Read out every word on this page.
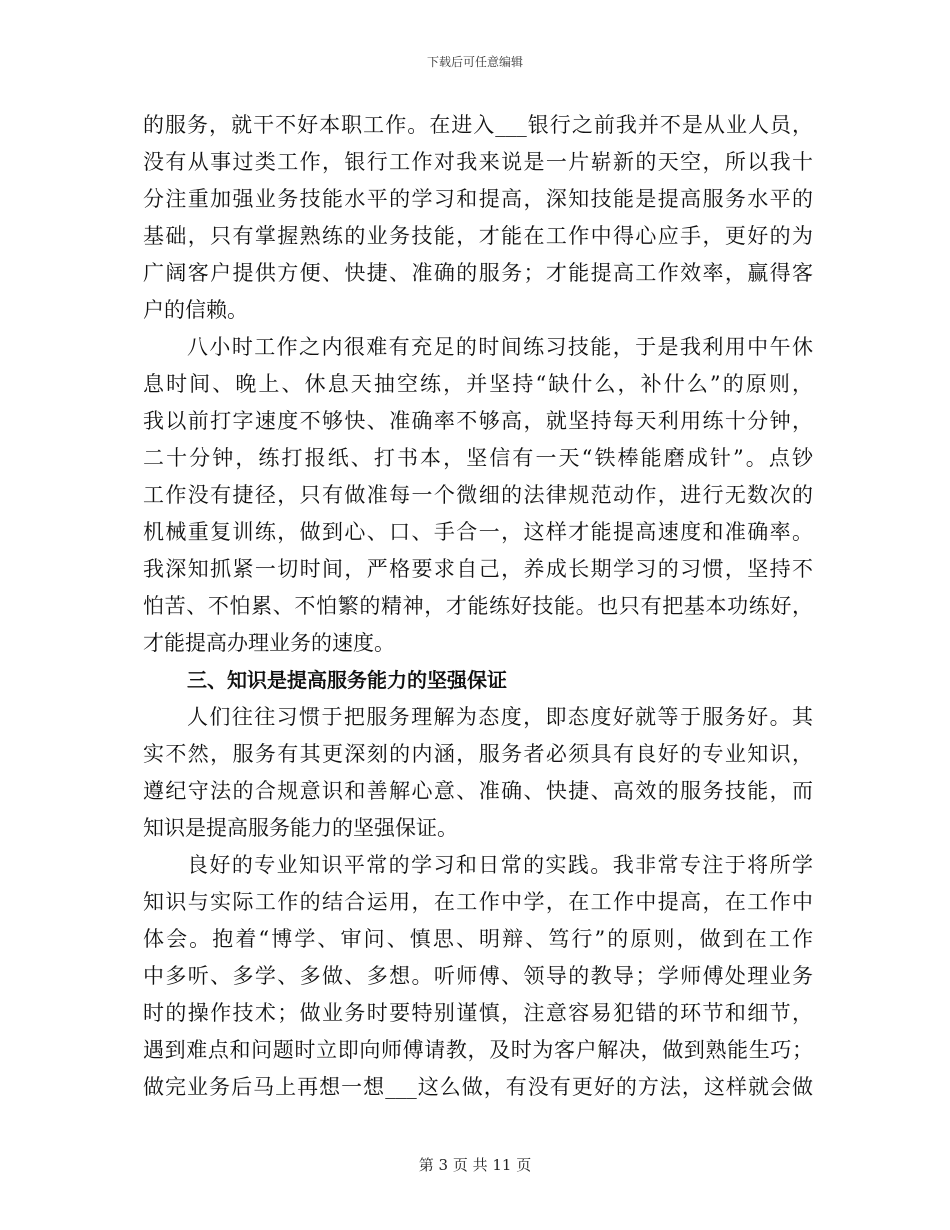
下载后可任意编辑
的服务，就干不好本职工作。在进入___银行之前我并不是从业人员，
没有从事过类工作，银行工作对我来说是一片崭新的天空，所以我十
分注重加强业务技能水平的学习和提高，深知技能是提高服务水平的
基础，只有掌握熟练的业务技能，才能在工作中得心应手，更好的为
广阔客户提供方便、快捷、准确的服务；才能提高工作效率，赢得客
户的信赖。
八小时工作之内很难有充足的时间练习技能，于是我利用中午休
息时间、晚上、休息天抽空练，并坚持“缺什么，补什么”的原则，
我以前打字速度不够快、准确率不够高，就坚持每天利用练十分钟，
二十分钟，练打报纸、打书本，坚信有一天“铁棒能磨成针”。点钞
工作没有捷径，只有做准每一个微细的法律规范动作，进行无数次的
机械重复训练，做到心、口、手合一，这样才能提高速度和准确率。
我深知抓紧一切时间，严格要求自己，养成长期学习的习惯，坚持不
怕苦、不怕累、不怕繁的精神，才能练好技能。也只有把基本功练好，
才能提高办理业务的速度。
三、知识是提高服务能力的坚强保证
人们往往习惯于把服务理解为态度，即态度好就等于服务好。其
实不然，服务有其更深刻的内涵，服务者必须具有良好的专业知识，
遵纪守法的合规意识和善解心意、准确、快捷、高效的服务技能，而
知识是提高服务能力的坚强保证。
良好的专业知识平常的学习和日常的实践。我非常专注于将所学
知识与实际工作的结合运用，在工作中学，在工作中提高，在工作中
体会。抱着“博学、审问、慎思、明辩、笃行”的原则，做到在工作
中多听、多学、多做、多想。听师傅、领导的教导；学师傅处理业务
时的操作技术；做业务时要特别谨慎，注意容易犯错的环节和细节，
遇到难点和问题时立即向师傅请教，及时为客户解决，做到熟能生巧；
做完业务后马上再想一想___这么做，有没有更好的方法，这样就会做
第 3 页 共 11 页
